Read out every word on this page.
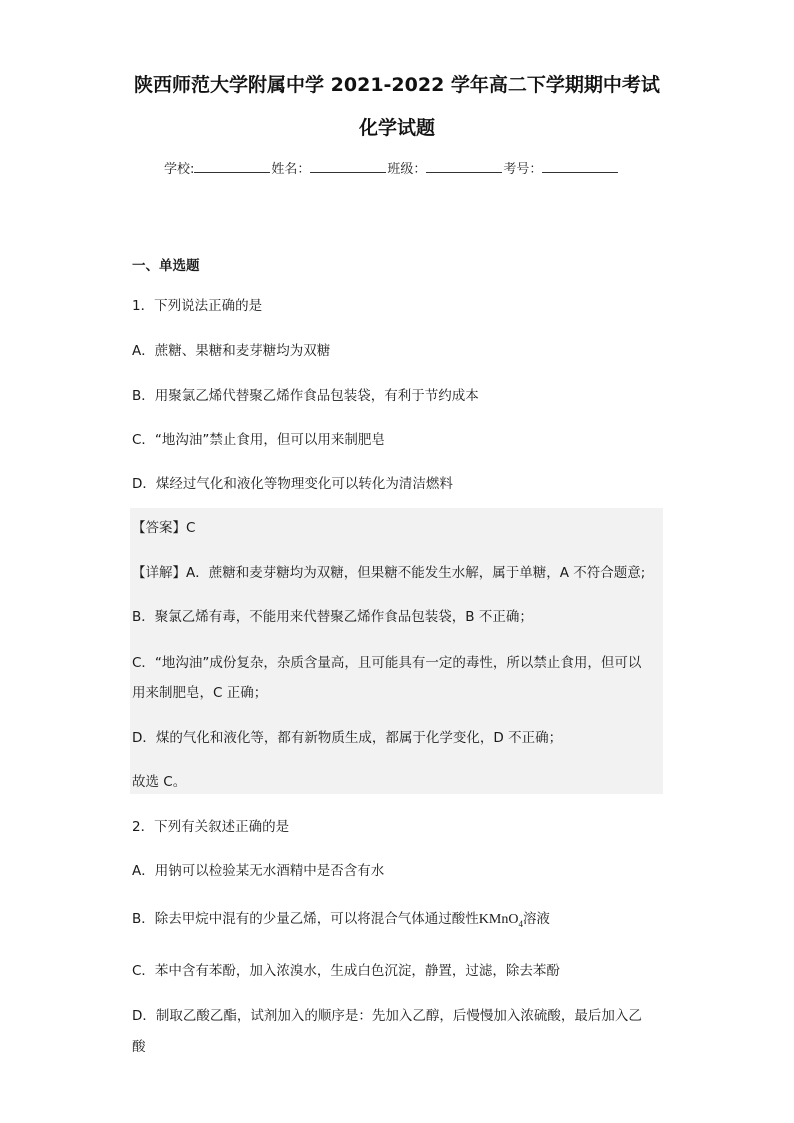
陕西师范大学附属中学 2021-2022 学年高二下学期期中考试
化学试题
学校:	姓名：	班级：	考号：
一、单选题
1．下列说法正确的是
A．蔗糖、果糖和麦芽糖均为双糖
B．用聚氯乙烯代替聚乙烯作食品包装袋，有利于节约成本
C．“地沟油”禁止食用，但可以用来制肥皂
D．煤经过气化和液化等物理变化可以转化为清洁燃料
【答案】C
【详解】A．蔗糖和麦芽糖均为双糖，但果糖不能发生水解，属于单糖，A 不符合题意;
B．聚氯乙烯有毒，不能用来代替聚乙烯作食品包装袋，B 不正确；
C．“地沟油”成份复杂，杂质含量高，且可能具有一定的毒性，所以禁止食用，但可以
用来制肥皂，C 正确；
D．煤的气化和液化等，都有新物质生成，都属于化学变化，D 不正确；
故选 C。
2．下列有关叙述正确的是
A．用钠可以检验某无水酒精中是否含有水
B．除去甲烷中混有的少量乙烯，可以将混合气体通过酸性KMnO$_4$溶液
C．苯中含有苯酚，加入浓溴水，生成白色沉淀，静置，过滤，除去苯酚
D．制取乙酸乙酯，试剂加入的顺序是：先加入乙醇，后慢慢加入浓硫酸，最后加入乙
酸
